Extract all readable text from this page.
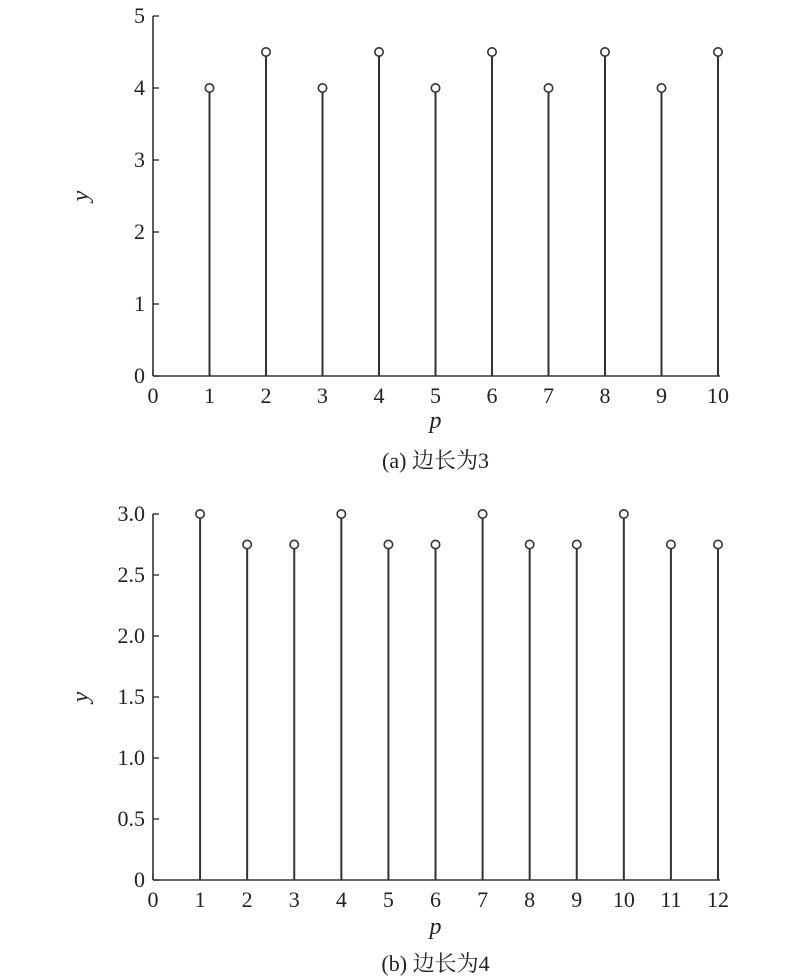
0
1
2
3
4
5
0 1 2 3 4 5 6 7 8 9 10
p
y
(a) 边长为3
0
0.5
1.0
1.5
2.0
2.5
3.0
0 1 2 3 4 5 6 7 8 9 10 11 12
p
y
(b) 边长为4
